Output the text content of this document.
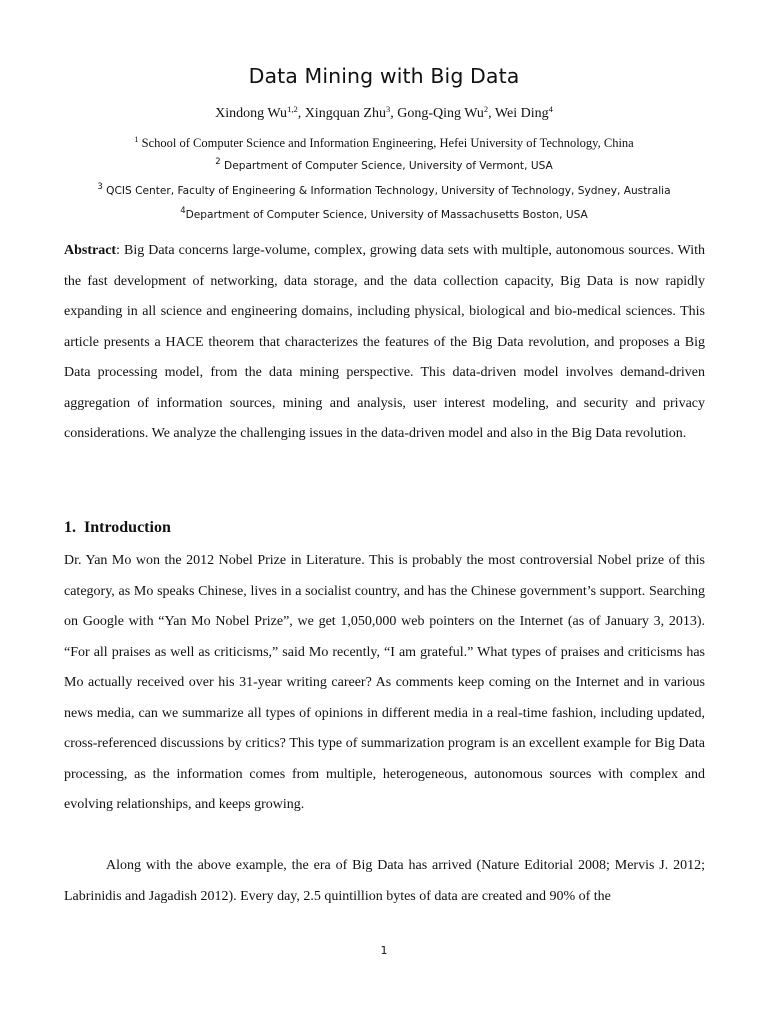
Data Mining with Big Data
Xindong Wu$^{1,2}$, Xingquan Zhu$^3$, Gong-Qing Wu$^2$, Wei Ding$^4$
$^1$ School of Computer Science and Information Engineering, Hefei University of Technology, China
$^2$ Department of Computer Science, University of Vermont, USA
$^3$ QCIS Center, Faculty of Engineering & Information Technology, University of Technology, Sydney, Australia
$^4$Department of Computer Science, University of Massachusetts Boston, USA

Abstract: Big Data concerns large-volume, complex, growing data sets with multiple, autonomous sources. With the fast development of networking, data storage, and the data collection capacity, Big Data is now rapidly expanding in all science and engineering domains, including physical, biological and bio-medical sciences. This article presents a HACE theorem that characterizes the features of the Big Data revolution, and proposes a Big Data processing model, from the data mining perspective. This data-driven model involves demand-driven aggregation of information sources, mining and analysis, user interest modeling, and security and privacy considerations. We analyze the challenging issues in the data-driven model and also in the Big Data revolution.

1. Introduction

Dr. Yan Mo won the 2012 Nobel Prize in Literature. This is probably the most controversial Nobel prize of this category, as Mo speaks Chinese, lives in a socialist country, and has the Chinese government’s support. Searching on Google with “Yan Mo Nobel Prize”, we get 1,050,000 web pointers on the Internet (as of January 3, 2013). “For all praises as well as criticisms,” said Mo recently, “I am grateful.” What types of praises and criticisms has Mo actually received over his 31-year writing career? As comments keep coming on the Internet and in various news media, can we summarize all types of opinions in different media in a real-time fashion, including updated, cross-referenced discussions by critics? This type of summarization program is an excellent example for Big Data processing, as the information comes from multiple, heterogeneous, autonomous sources with complex and evolving relationships, and keeps growing.

Along with the above example, the era of Big Data has arrived (Nature Editorial 2008; Mervis J. 2012; Labrinidis and Jagadish 2012). Every day, 2.5 quintillion bytes of data are created and 90% of the

1
